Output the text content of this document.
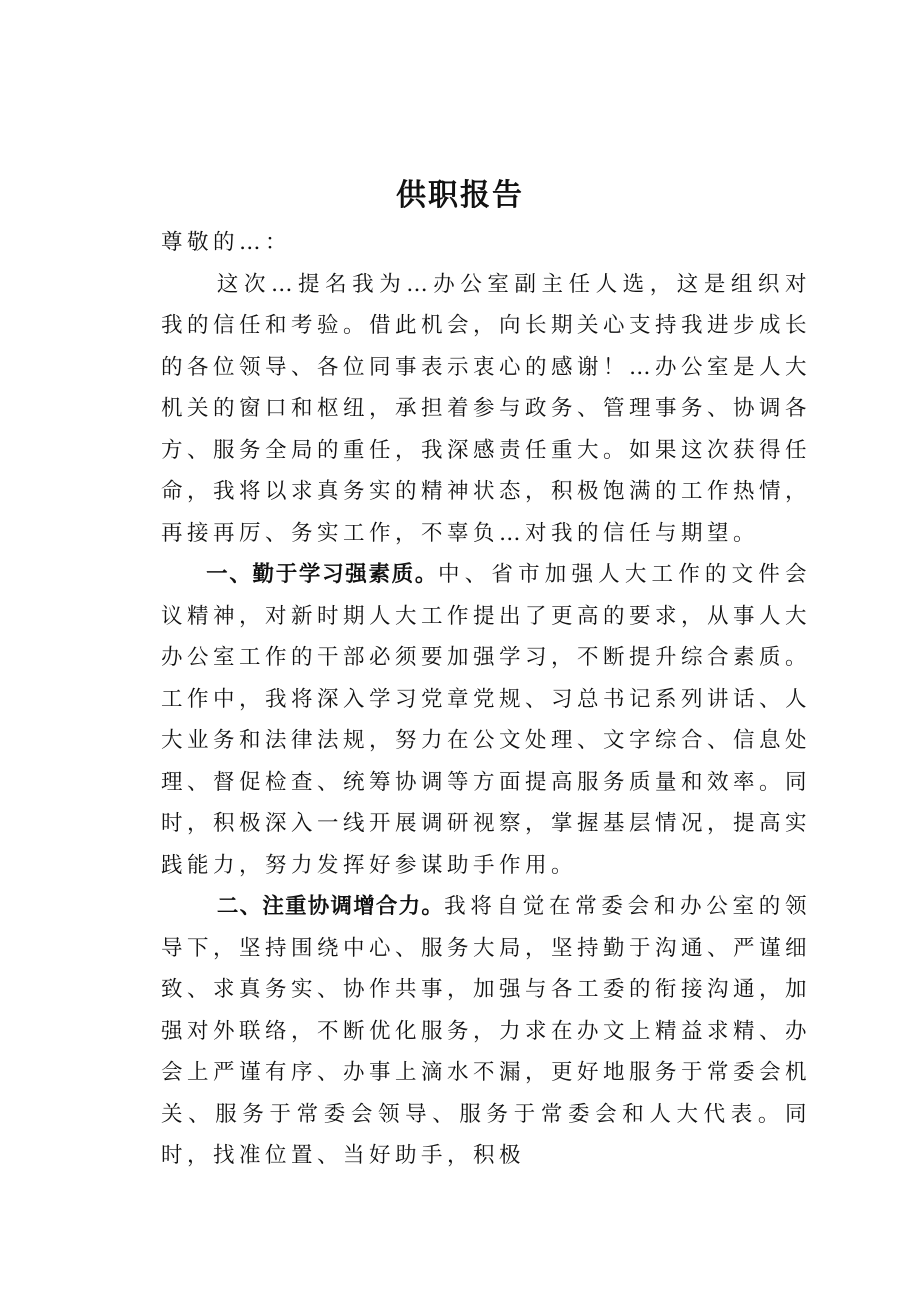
供职报告

尊敬的…：

这次…提名我为…办公室副主任人选，这是组织对我的信任和考验。借此机会，向长期关心支持我进步成长的各位领导、各位同事表示衷心的感谢！…办公室是人大机关的窗口和枢纽，承担着参与政务、管理事务、协调各方、服务全局的重任，我深感责任重大。如果这次获得任命，我将以求真务实的精神状态，积极饱满的工作热情，再接再厉、务实工作，不辜负…对我的信任与期望。

一、勤于学习强素质。中、省市加强人大工作的文件会议精神，对新时期人大工作提出了更高的要求，从事人大办公室工作的干部必须要加强学习，不断提升综合素质。工作中，我将深入学习党章党规、习总书记系列讲话、人大业务和法律法规，努力在公文处理、文字综合、信息处理、督促检查、统筹协调等方面提高服务质量和效率。同时，积极深入一线开展调研视察，掌握基层情况，提高实践能力，努力发挥好参谋助手作用。

二、注重协调增合力。我将自觉在常委会和办公室的领导下，坚持围绕中心、服务大局，坚持勤于沟通、严谨细致、求真务实、协作共事，加强与各工委的衔接沟通，加强对外联络，不断优化服务，力求在办文上精益求精、办会上严谨有序、办事上滴水不漏，更好地服务于常委会机关、服务于常委会领导、服务于常委会和人大代表。同时，找准位置、当好助手，积极
